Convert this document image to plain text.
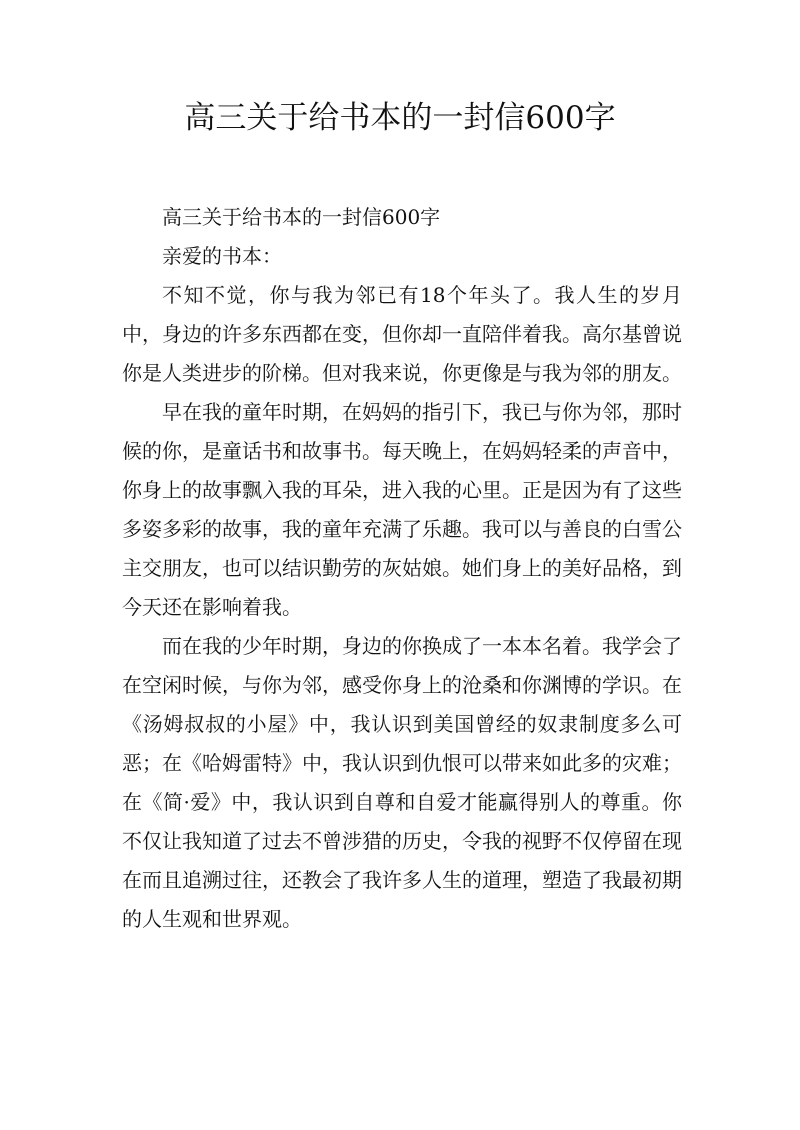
高三关于给书本的一封信600字

高三关于给书本的一封信600字

亲爱的书本：

不知不觉，你与我为邻已有18个年头了。我人生的岁月中，身边的许多东西都在变，但你却一直陪伴着我。高尔基曾说你是人类进步的阶梯。但对我来说，你更像是与我为邻的朋友。

早在我的童年时期，在妈妈的指引下，我已与你为邻，那时候的你，是童话书和故事书。每天晚上，在妈妈轻柔的声音中，你身上的故事飘入我的耳朵，进入我的心里。正是因为有了这些多姿多彩的故事，我的童年充满了乐趣。我可以与善良的白雪公主交朋友，也可以结识勤劳的灰姑娘。她们身上的美好品格，到今天还在影响着我。

而在我的少年时期，身边的你换成了一本本名着。我学会了在空闲时候，与你为邻，感受你身上的沧桑和你渊博的学识。在《汤姆叔叔的小屋》中，我认识到美国曾经的奴隶制度多么可恶；在《哈姆雷特》中，我认识到仇恨可以带来如此多的灾难；在《简·爱》中，我认识到自尊和自爱才能赢得别人的尊重。你不仅让我知道了过去不曾涉猎的历史，令我的视野不仅停留在现在而且追溯过往，还教会了我许多人生的道理，塑造了我最初期的人生观和世界观。
